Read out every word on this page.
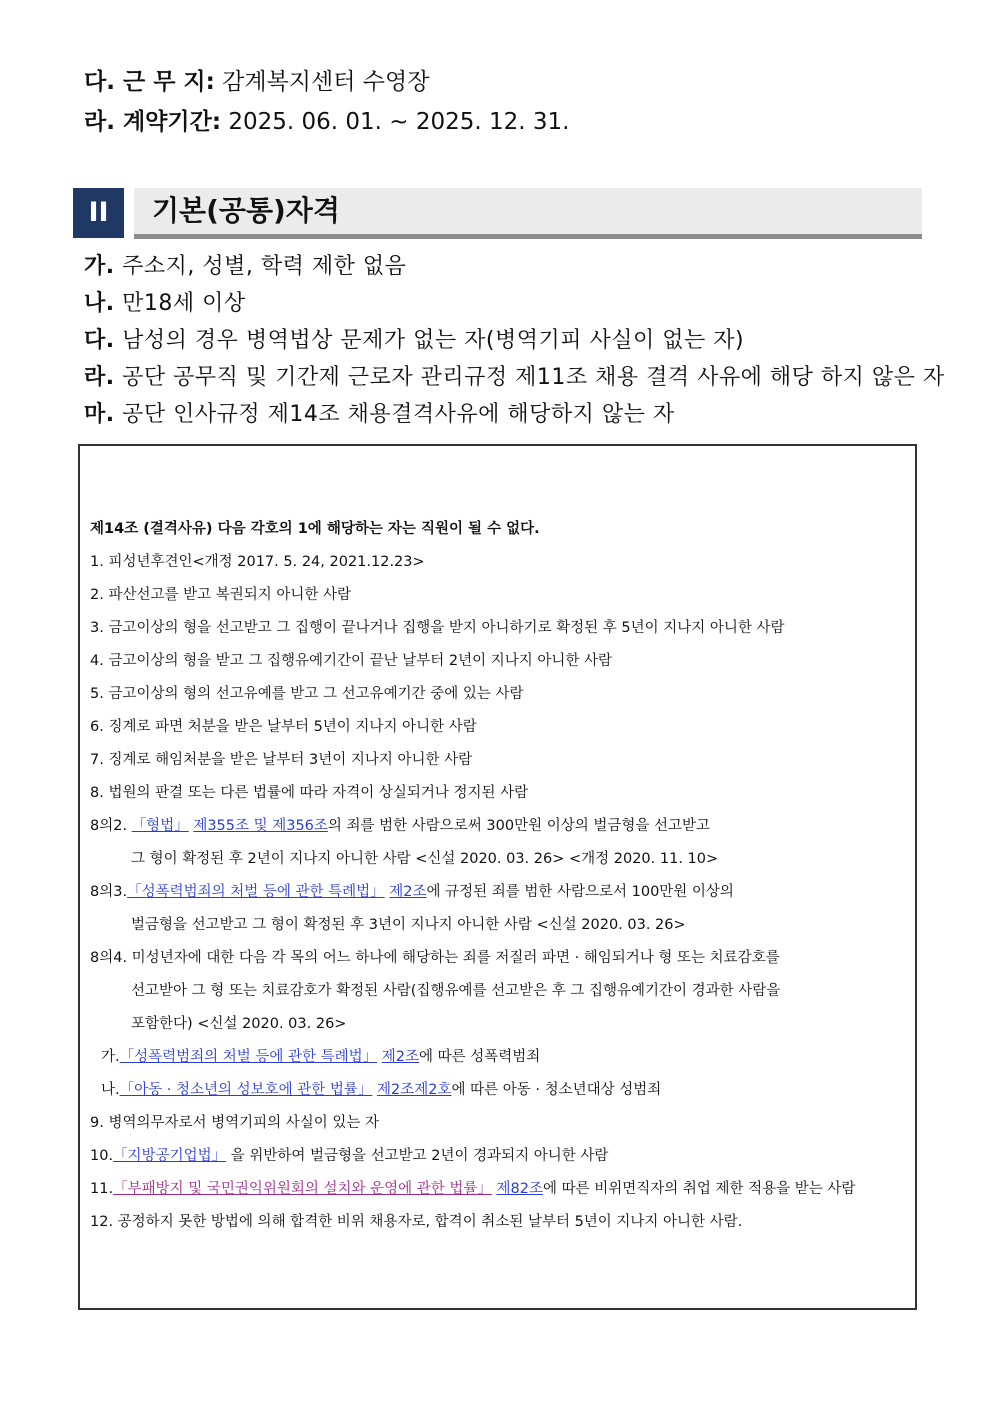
다. 근 무 지: 감계복지센터 수영장
라. 계약기간: 2025. 06. 01. ~ 2025. 12. 31.
II	기본(공통)자격
가. 주소지, 성별, 학력 제한 없음
나. 만18세 이상
다. 남성의 경우 병역법상 문제가 없는 자(병역기피 사실이 없는 자)
라. 공단 공무직 및 기간제 근로자 관리규정 제11조 채용 결격 사유에 해당 하지 않은 자
마. 공단 인사규정 제14조 채용결격사유에 해당하지 않는 자
제14조 (결격사유) 다음 각호의 1에 해당하는 자는 직원이 될 수 없다.
1. 피성년후견인<개정 2017. 5. 24, 2021.12.23>
2. 파산선고를 받고 복권되지 아니한 사람
3. 금고이상의 형을 선고받고 그 집행이 끝나거나 집행을 받지 아니하기로 확정된 후 5년이 지나지 아니한 사람
4. 금고이상의 형을 받고 그 집행유예기간이 끝난 날부터 2년이 지나지 아니한 사람
5. 금고이상의 형의 선고유예를 받고 그 선고유예기간 중에 있는 사람
6. 징계로 파면 처분을 받은 날부터 5년이 지나지 아니한 사람
7. 징계로 해임처분을 받은 날부터 3년이 지나지 아니한 사람
8. 법원의 판결 또는 다른 법률에 따라 자격이 상실되거나 정지된 사람
8의2. 「형법」 제355조 및 제356조의 죄를 범한 사람으로써 300만원 이상의 벌금형을 선고받고
그 형이 확정된 후 2년이 지나지 아니한 사람 <신설 2020. 03. 26> <개정 2020. 11. 10>
8의3.「성폭력범죄의 처벌 등에 관한 특례법」 제2조에 규정된 죄를 범한 사람으로서 100만원 이상의
벌금형을 선고받고 그 형이 확정된 후 3년이 지나지 아니한 사람 <신설 2020. 03. 26>
8의4. 미성년자에 대한 다음 각 목의 어느 하나에 해당하는 죄를 저질러 파면 · 해임되거나 형 또는 치료감호를
선고받아 그 형 또는 치료감호가 확정된 사람(집행유예를 선고받은 후 그 집행유예기간이 경과한 사람을
포함한다) <신설 2020. 03. 26>
가.「성폭력범죄의 처벌 등에 관한 특례법」 제2조에 따른 성폭력범죄
나.「아동 · 청소년의 성보호에 관한 법률」 제2조제2호에 따른 아동 · 청소년대상 성범죄
9. 병역의무자로서 병역기피의 사실이 있는 자
10.「지방공기업법」 을 위반하여 벌금형을 선고받고 2년이 경과되지 아니한 사람
11.「부패방지 및 국민권익위원회의 설치와 운영에 관한 법률」 제82조에 따른 비위면직자의 취업 제한 적용을 받는 사람
12. 공정하지 못한 방법에 의해 합격한 비위 채용자로, 합격이 취소된 날부터 5년이 지나지 아니한 사람.
